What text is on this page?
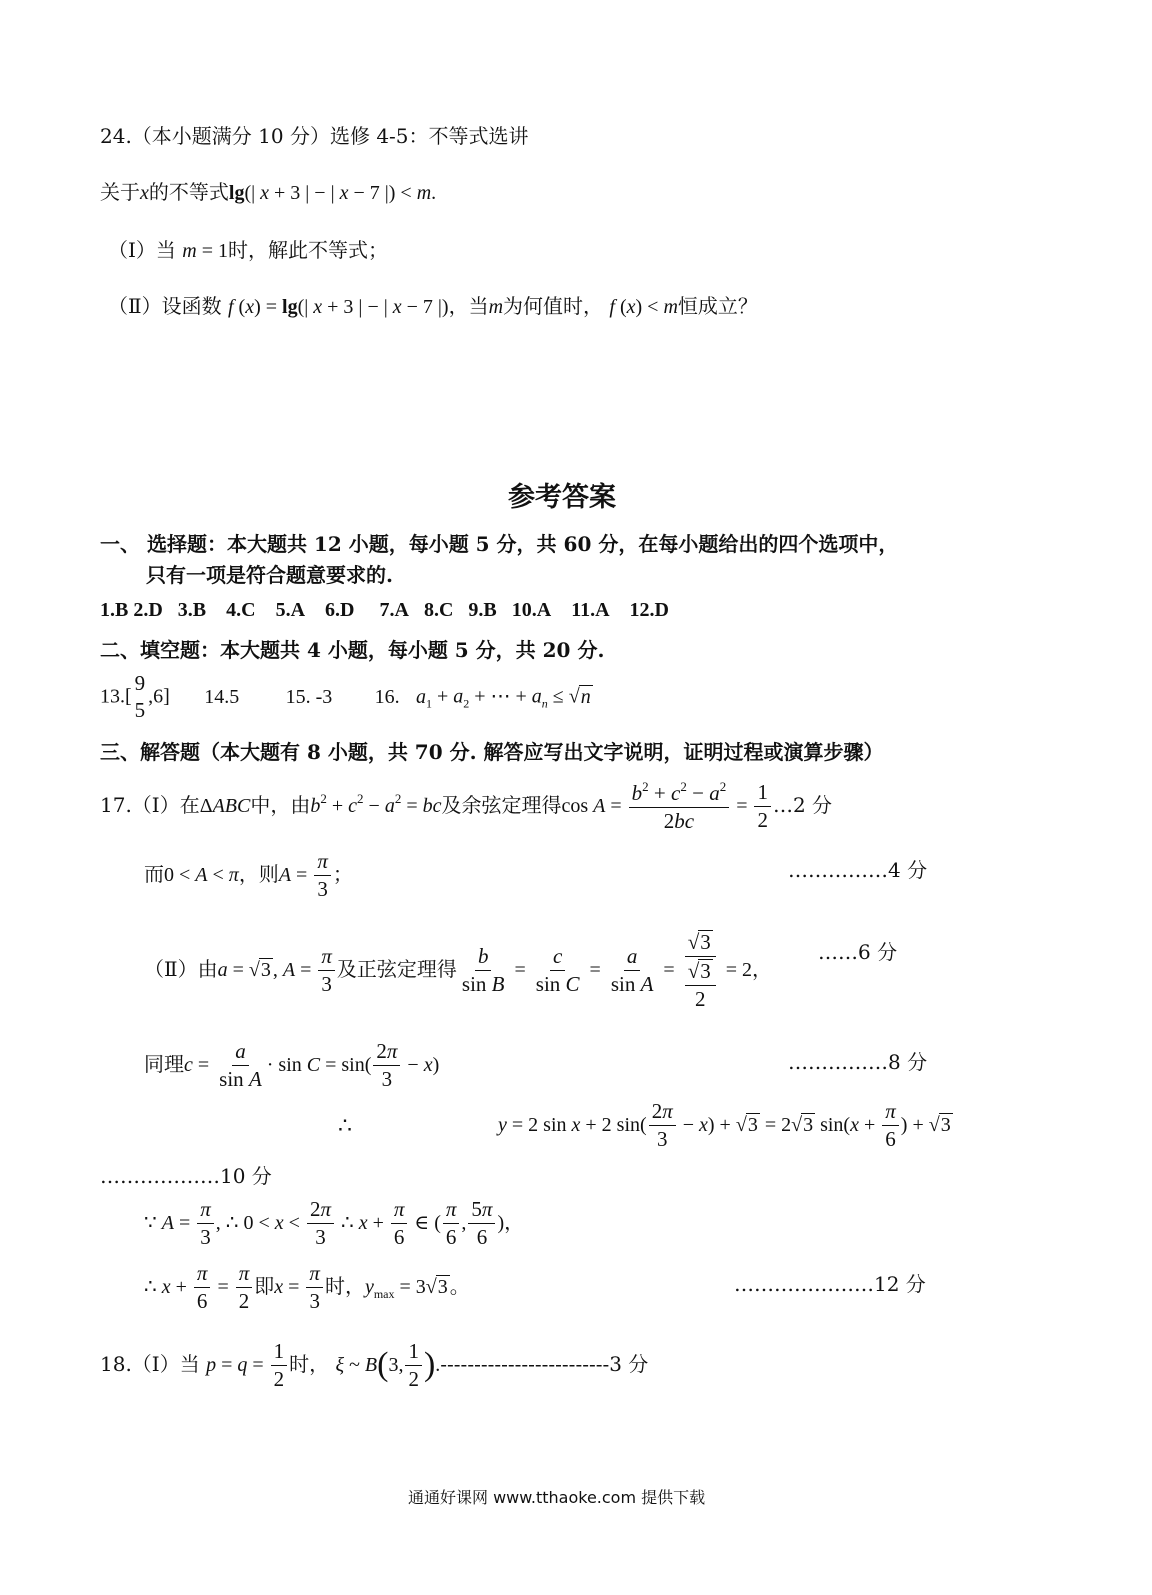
24.（本小题满分 10 分）选修 4-5：不等式选讲
关于x的不等式lg(| x + 3 | − | x − 7 |) < m.
（Ⅰ）当 m = 1时，解此不等式；
（Ⅱ）设函数 f (x) = lg(| x + 3 | − | x − 7 |)，当m为何值时， f (x) < m恒成立？
参考答案
一、 选择题：本大题共 12 小题，每小题 5 分，共 60 分，在每小题给出的四个选项中，
只有一项是符合题意要求的.
1.B 2.D 3.B 4.C 5.A 6.D 7.A 8.C 9.B 10.A 11.A 12.D
二、填空题：本大题共 4 小题，每小题 5 分，共 20 分.
13.[
9
5
,6] 14.5 15. -3 16. $a_1 + a_2$ + ⋯ + $a_n \le √n$
三、解答题（本大题有 8 小题，共 70 分. 解答应写出文字说明，证明过程或演算步骤）
17.（Ⅰ）在ΔABC中，由$b^2 + c^2 - a^2$ = bc及余弦定理得$\cos A = \frac{b^2 + c^2 - a^2}{2bc} = \frac{1}{2}$ …2 分
而0 < A < π，则$A = \frac{\pi}{3}$ ；	……………4 分
（Ⅱ）由a = √3 , $A = \frac{\pi}{3}$ 及正弦定理得 $\frac{b}{\text{sin B}} = \frac{c}{\text{sin C}} = \frac{a}{\text{sin A}} = \frac{√3}{\frac{√3}{2}} = 2$，
……6 分
同理$c = \frac{a}{\text{sin A}} \cdot \sin C = \sin( \frac{2\pi}{3} - x)$	……………8 分
∴	y = 2 sin x + 2 $\sin( \frac{2\pi}{3} - x) + √3 = 2√3$ $\sin(x + \frac{\pi}{6}$ ) + √3
………………10 分
∵ $A = \frac{\pi}{3}$ , ∴ $0 < x < \frac{2\pi}{3}$ ∴ $x + \frac{\pi}{6}$ ∈ ( $\frac{\pi}{6}$ , $\frac{5\pi}{6}$ )，
∴ $x + \frac{\pi}{6} = \frac{\pi}{2}$ 即$x = \frac{\pi}{3}$ 时，$y_{max} = 3√3$ 。	…………………12 分
18.（Ⅰ）当 $p = q = \frac{1}{2}$ 时， ξ ~ B(3, $\frac{1}{2} ).-------------------------3$ 分
通通好课网 www.tthaoke.com 提供下载
